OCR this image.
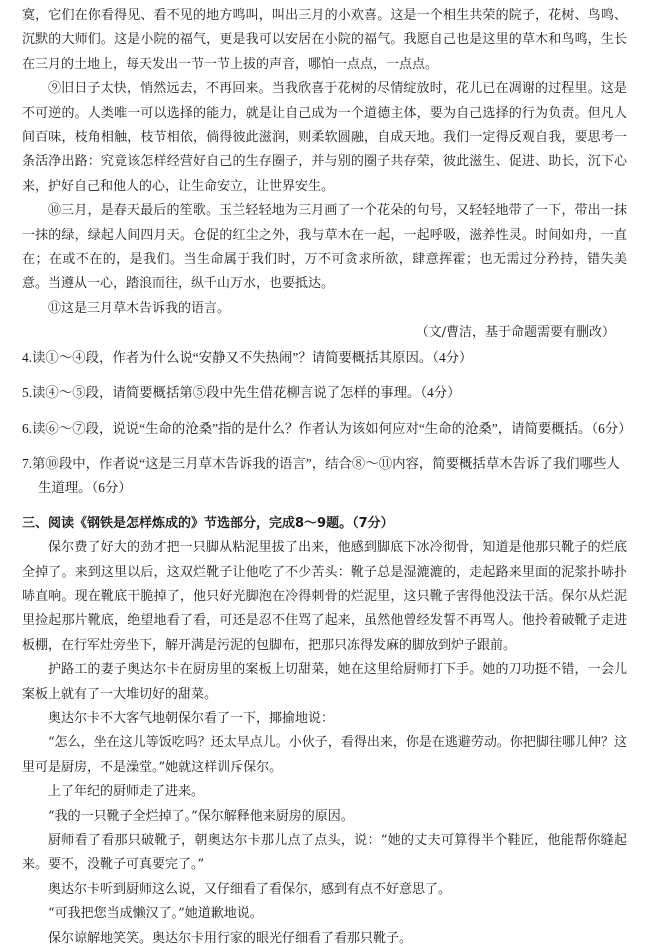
寞，它们在你看得见、看不见的地方鸣叫，叫出三月的小欢喜。这是一个相生共荣的院子，花树、鸟鸣、沉默的大师们。这是小院的福气，更是我可以安居在小院的福气。我愿自己也是这里的草木和鸟鸣，生长在三月的土地上，每天发出一节一节上拔的声音，哪怕一点点，一点点。

⑨旧日子太快，悄然远去，不再回来。当我欣喜于花树的尽情绽放时，花儿已在凋谢的过程里。这是不可逆的。人类唯一可以选择的能力，就是让自己成为一个道德主体，要为自己选择的行为负责。但凡人间百味，枝角相触，枝节相依，倘得彼此滋润，则柔软圆融，自成天地。我们一定得反观自我，要思考一条活净出路：究竟该怎样经营好自己的生存圈子，并与别的圈子共存荣，彼此滋生、促进、助长，沉下心来，护好自己和他人的心，让生命安立，让世界安生。

⑩三月，是春天最后的笙歌。玉兰轻轻地为三月画了一个花朵的句号，又轻轻地带了一下，带出一抹一抹的绿，绿起人间四月天。仓促的红尘之外，我与草木在一起，一起呼吸，滋养性灵。时间如舟，一直在；在或不在的，是我们。当生命属于我们时，万不可贪求所欲，肆意挥霍；也无需过分矜持，错失美意。当遵从一心，踏浪而往，纵千山万水，也要抵达。

⑪这是三月草木告诉我的语言。

（文/曹洁，基于命题需要有删改）

4.读①～④段，作者为什么说“安静又不失热闹”？请简要概括其原因。（4分）

5.读④～⑤段，请简要概括第⑤段中先生借花柳言说了怎样的事理。（4分）

6.读⑥～⑦段，说说“生命的沧桑”指的是什么？作者认为该如何应对“生命的沧桑”，请简要概括。（6分）

7.第⑩段中，作者说“这是三月草木告诉我的语言”，结合⑧～⑪内容，简要概括草木告诉了我们哪些人生道理。（6分）

三、阅读《钢铁是怎样炼成的》节选部分，完成8～9题。（7分）

保尔费了好大的劲才把一只脚从粘泥里拔了出来，他感到脚底下冰冷彻骨，知道是他那只靴子的烂底全掉了。来到这里以后，这双烂靴子让他吃了不少苦头：靴子总是湿漉漉的，走起路来里面的泥浆扑哧扑哧直响。现在靴底干脆掉了，他只好光脚泡在冷得刺骨的烂泥里，这只靴子害得他没法干活。保尔从烂泥里捡起那片靴底，绝望地看了看，可还是忍不住骂了起来，虽然他曾经发誓不再骂人。他拎着破靴子走进板棚，在行军灶旁坐下，解开满是污泥的包脚布，把那只冻得发麻的脚放到炉子跟前。

护路工的妻子奥达尔卡在厨房里的案板上切甜菜，她在这里给厨师打下手。她的刀功挺不错，一会儿案板上就有了一大堆切好的甜菜。

奥达尔卡不大客气地朝保尔看了一下，揶揄地说：

“怎么，坐在这儿等饭吃吗？还太早点儿。小伙子，看得出来，你是在逃避劳动。你把脚往哪儿伸？这里可是厨房，不是澡堂。”她就这样训斥保尔。

上了年纪的厨师走了进来。

“我的一只靴子全烂掉了。”保尔解释他来厨房的原因。

厨师看了看那只破靴子，朝奥达尔卡那儿点了点头，说：“她的丈夫可算得半个鞋匠，他能帮你缝起来。要不，没靴子可真要完了。”

奥达尔卡听到厨师这么说，又仔细看了看保尔，感到有点不好意思了。

“可我把您当成懒汉了。”她道歉地说。

保尔谅解地笑笑。奥达尔卡用行家的眼光仔细看了看那只靴子。
